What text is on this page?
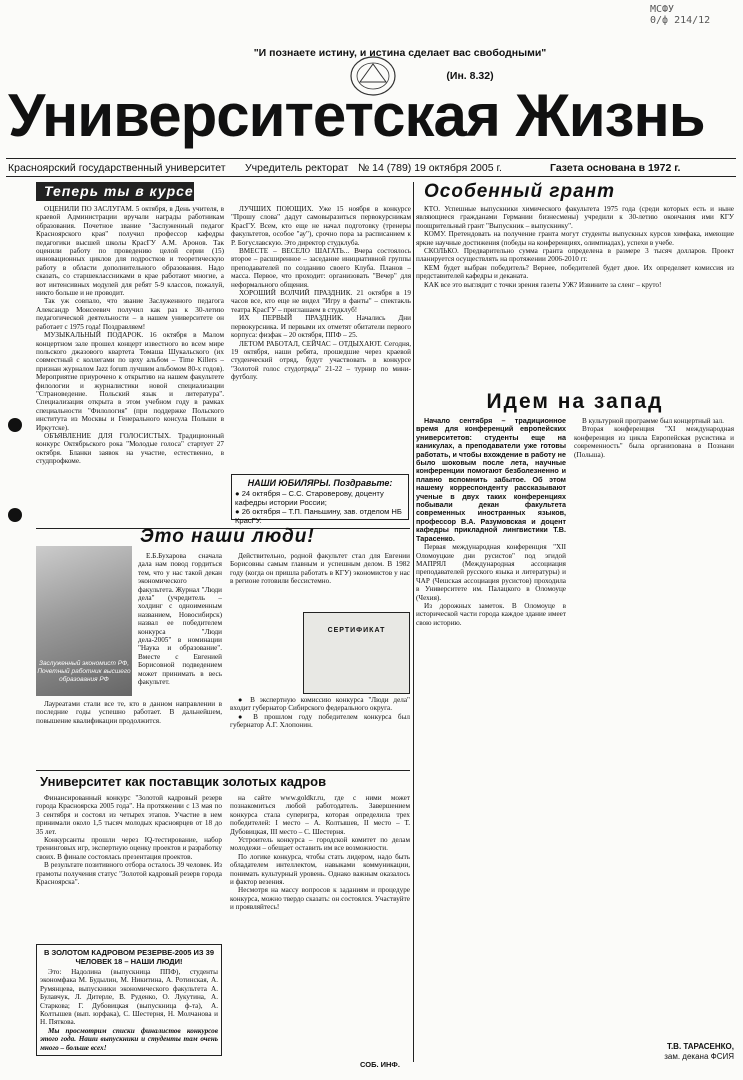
МСФУ
0/ф 214/12
"И познаете истину, и истина сделает вас свободными"
(Ин. 8.32)
Университетская Жизнь
Красноярский государственный университет Учредитель ректорат № 14 (789) 19 октября 2005 г.	Газета основана в 1972 г.
Теперь ты в курсе

ОЦЕНИЛИ ПО ЗАСЛУГАМ. 5 октября, в День учителя, в краевой Администрации вручали награды работникам образования. Почетное звание "Заслуженный педагог Красноярского края" получил профессор кафедры педагогики высшей школы КрасГУ А.М. Аронов. Так оценили работу по проведению целой серии (15) инновационных циклов для подростков и теоретическую работу в области дополнительного образования. Надо сказать, со старшеклассниками в крае работают многие, а вот интенсивных модулей для ребят 5-9 классов, пожалуй, никто больше и не проводит.

Так уж совпало, что звание Заслуженного педагога Александр Моисеевич получил как раз к 30-летию педагогической деятельности – в нашем университете он работает с 1975 года! Поздравляем!

МУЗЫКАЛЬНЫЙ ПОДАРОК. 16 октября в Малом концертном зале прошел концерт известного во всем мире польского джазового квартета Томаша Шукальского (их совместный с коллегами по цеху альбом – Time Killers – признан журналом Jazz forum лучшим альбомом 80-х годов). Мероприятие приурочено к открытию на нашем факультете филологии и журналистики новой специализации "Страноведение. Польский язык и литература". Специализация открыта в этом учебном году в рамках специальности "Филология" (при поддержке Польского института из Москвы и Генерального консула Польши в Иркутске).

ОБЪЯВЛЕНИЕ ДЛЯ ГОЛОСИСТЫХ. Традиционный конкурс Октябрьского рока "Молодые голоса" стартует 27 октября. Бланки заявок на участие, естественно, в студпрофкоме.

ЛУЧШИХ ПОЮЩИХ. Уже 15 ноября в конкурсе "Прошу слова" дадут самовыразиться первокурсникам КрасГУ. Всем, кто еще не начал подготовку (тренеры факультетов, особое "ау"), срочно пора за расписанием к Р. Богуславскую. Это директор студклуба.

ВМЕСТЕ – ВЕСЕЛО ШАГАТЬ... Вчера состоялось второе – расширенное – заседание инициативной группы преподавателей по созданию своего Клуба. Планов – масса. Первое, что проходит: организовать "Вечер" для неформального общения.

ХОРОШИЙ ВОЛЧИЙ ПРАЗДНИК. 21 октября в 19 часов все, кто еще не видел "Игру в фанты" – спектакль театра КрасГУ – приглашаем в студклуб!

ИХ ПЕРВЫЙ ПРАЗДНИК. Начались Дни первокурсника. И первыми их отметят обитатели первого корпуса: физфак – 20 октября, ППФ – 25.

ЛЕТОМ РАБОТАЛ, СЕЙЧАС – ОТДЫХАЮТ. Сегодня, 19 октября, наши ребята, прошедшие через краевой студенческий отряд, будут участвовать в конкурсе "Золотой голос студотряда" 21-22 – турнир по мини-футболу.

НАШИ ЮБИЛЯРЫ. Поздравьте:
● 24 октября – С.С. Староверову, доценту кафедры истории России;
● 26 октября – Т.П. Паньшину, зав. отделом НБ КрасГУ.
Особенный грант

КТО. Успешные выпускники химического факультета 1975 года (среди которых есть и ныне являющиеся гражданами Германии бизнесмены) учредили к 30-летию окончания ими КГУ поощрительный грант "Выпускник – выпускнику".

КОМУ. Претендовать на получение гранта могут студенты выпускных курсов химфака, имеющие яркие научные достижения (победы на конференциях, олимпиадах), успехи в учебе.

СКОЛЬКО. Предварительно сумма гранта определена в размере 3 тысяч долларов. Проект планируется осуществлять на протяжении 2006-2010 гг.

КЕМ будет выбран победитель? Вернее, победителей будет двое. Их определяет комиссия из представителей кафедры и деканата.

КАК все это выглядит с точки зрения газеты УЖ? Извините за сленг – круто!

Идем на запад

Начало сентября – традиционное время для конференций европейских университетов: студенты еще на каникулах, а преподаватели уже готовы работать, и чтобы вхождение в работу не было шоковым после лета, научные конференции помогают безболезненно и плавно вспомнить забытое. Об этом нашему корреспонденту рассказывают ученые в двух таких конференциях побывали декан факультета современных иностранных языков, профессор В.А. Разумовская и доцент кафедры прикладной лингвистики Т.В. Тарасенко.

Первая международная конференция "XII Оломоуцкие дни русистов" под эгидой МАПРЯЛ (Международная ассоциация преподавателей русского языка и литературы) и ЧАР (Чешская ассоциация русистов) проходила в Университете им. Палацкого в Оломоуце (Чехия).

Из дорожных заметок. В Оломоуце в исторической части города каждое здание имеет свою историю.

В культурной программе был концертный зал.

Вторая конференция "XI международная конференция из цикла Европейская русистика и современность" была организована в Познани (Польша).

Т.В. ТАРАСЕНКО,
зам. декана ФСИЯ
Это наши люди!
Заслуженный экономист РФ, Почетный работник высшего образования РФ

Е.Б.Бухарова сначала дала нам повод гордиться тем, что у нас такой декан экономического факультета. Журнал "Люди дела" (учредитель – холдинг с одноименным названием, Новосибирск) назвал ее победителем конкурса "Люди дела-2005" в номинации "Наука и образование". Вместе с Евгенией Борисовной подведением может принимать в весь факультет.

Лауреатами стали все те, кто в данном направлении в последние годы успешно работает. В дальнейшем, повышение квалификации продолжится.

Действительно, родной факультет стал для Евгении Борисовны самым главным и успешным делом. В 1982 году (когда он пришла работать в КГУ) экономистов у нас в регионе готовили бессистемно.

СЕРТИФИКАТ

● В экспертную комиссию конкурса "Люди дела" входит губернатор Сибирского федерального округа.

● В прошлом году победителем конкурса был губернатор А.Г. Хлопонин.

Университет как поставщик золотых кадров

Финансированный конкурс "Золотой кадровый резерв города Красноярска 2005 года". На протяжении с 13 мая по 3 сентября и состоял из четырех этапов. Участие в нем принимали около 1,5 тысяч молодых красноярцев от 18 до 35 лет.

Конкурсанты прошли через IQ-тестирование, набор тренинговых игр, экспертную оценку проектов и разработку своих. В финале состоялась презентация проектов.

В результате позитивного отбора осталось 39 человек. Из грамоты получения статус "Золотой кадровый резерв города Красноярска".

на сайте www.goldkr.ru, где с ними может познакомиться любой работодатель. Завершением конкурса стала суперигра, которая определила трех победителей: I место – А. Колтышев, II место – Т. Дубовицкая, III место – С. Шестерня.

Устроитель конкурса – городской комитет по делам молодежи – обещает оставить им все возможности.

По логике конкурса, чтобы стать лидером, надо быть обладателем интеллектом, навыками коммуникации, понимать культурный уровень. Однако важным оказалось и фактор везения.

Несмотря на массу вопросов к заданиям и процедуре конкурса, можно твердо сказать: он состоялся. Участвуйте и проявляйтесь!

СОБ. ИНФ.
В ЗОЛОТОМ КАДРОВОМ РЕЗЕРВЕ-2005 ИЗ 39 ЧЕЛОВЕК 18 – НАШИ ЛЮДИ!

Это: Надолина (выпускница ППФ), студенты экономфака М. Будылин, М. Никитина, А. Ротинская, А. Румянцева, выпускники экономического факультета А. Булавчук, Л. Дитерле, В. Руденко, О. Лукутина, А. Старкова; Г. Дубовицкая (выпускница ф-та), А. Колтышев (вып. юрфака), С. Шестерня, Н. Молчанова и Н. Пяткова.

Мы просмотрим списки финалистов конкурсов этого года. Наши выпускники и студенты там очень много – больше всех!
